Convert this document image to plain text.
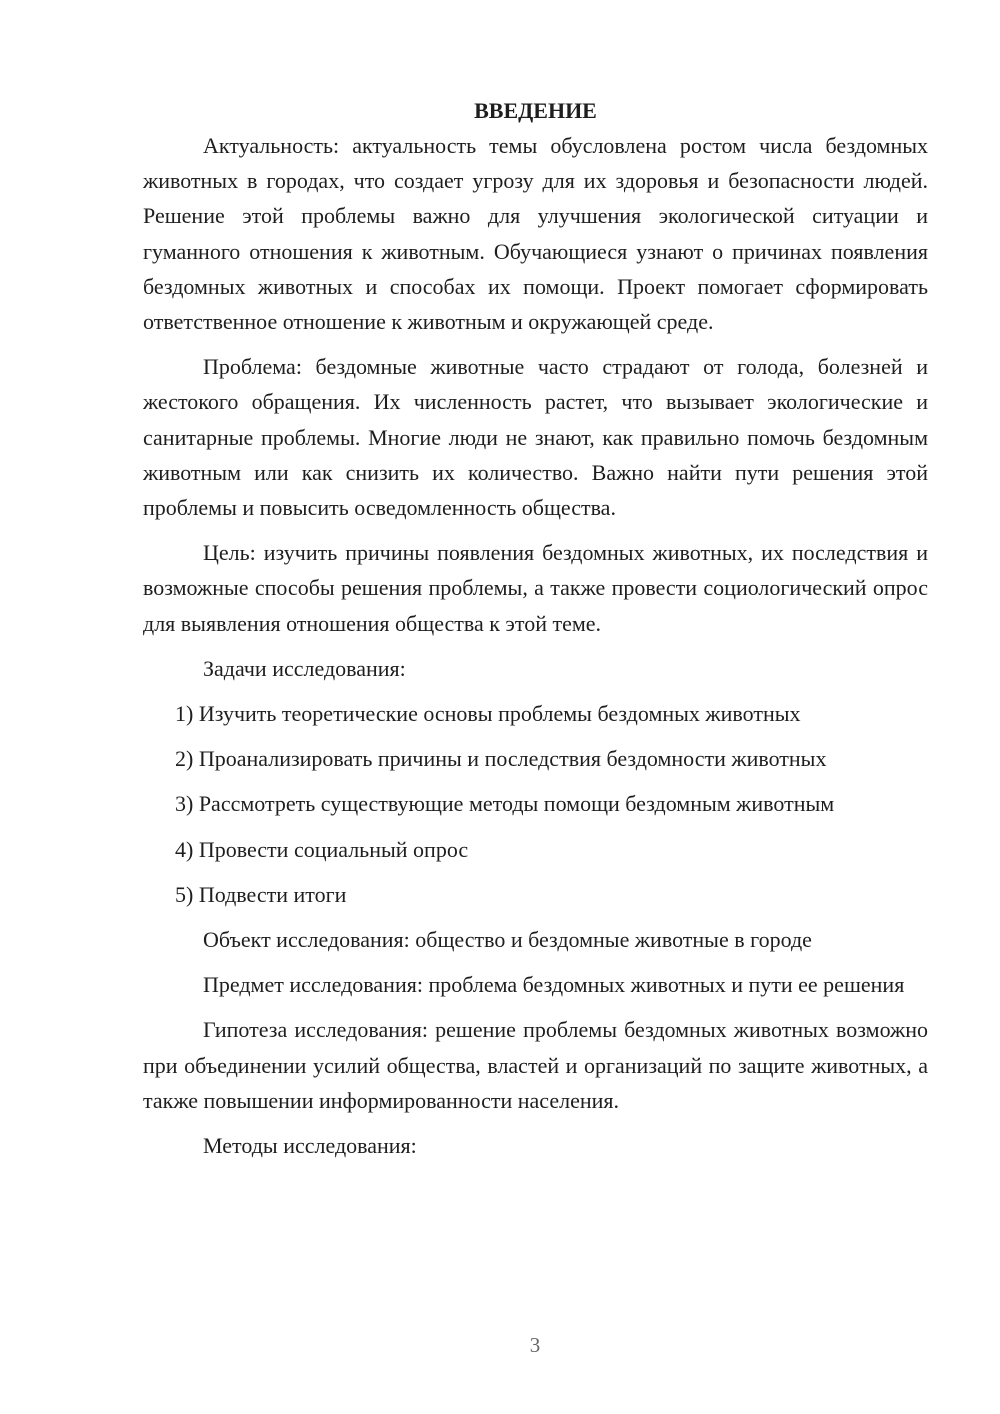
ВВЕДЕНИЕ

Актуальность: актуальность темы обусловлена ростом числа бездомных животных в городах, что создает угрозу для их здоровья и безопасности людей. Решение этой проблемы важно для улучшения экологической ситуации и гуманного отношения к животным. Обучающиеся узнают о причинах появления бездомных животных и способах их помощи. Проект помогает сформировать ответственное отношение к животным и окружающей среде.

Проблема: бездомные животные часто страдают от голода, болезней и жестокого обращения. Их численность растет, что вызывает экологические и санитарные проблемы. Многие люди не знают, как правильно помочь бездомным животным или как снизить их количество. Важно найти пути решения этой проблемы и повысить осведомленность общества.

Цель: изучить причины появления бездомных животных, их последствия и возможные способы решения проблемы, а также провести социологический опрос для выявления отношения общества к этой теме.

Задачи исследования:

1) Изучить теоретические основы проблемы бездомных животных
2) Проанализировать причины и последствия бездомности животных
3) Рассмотреть существующие методы помощи бездомным животным
4) Провести социальный опрос
5) Подвести итоги

Объект исследования: общество и бездомные животные в городе

Предмет исследования: проблема бездомных животных и пути ее решения

Гипотеза исследования: решение проблемы бездомных животных возможно при объединении усилий общества, властей и организаций по защите животных, а также повышении информированности населения.

Методы исследования:

3
